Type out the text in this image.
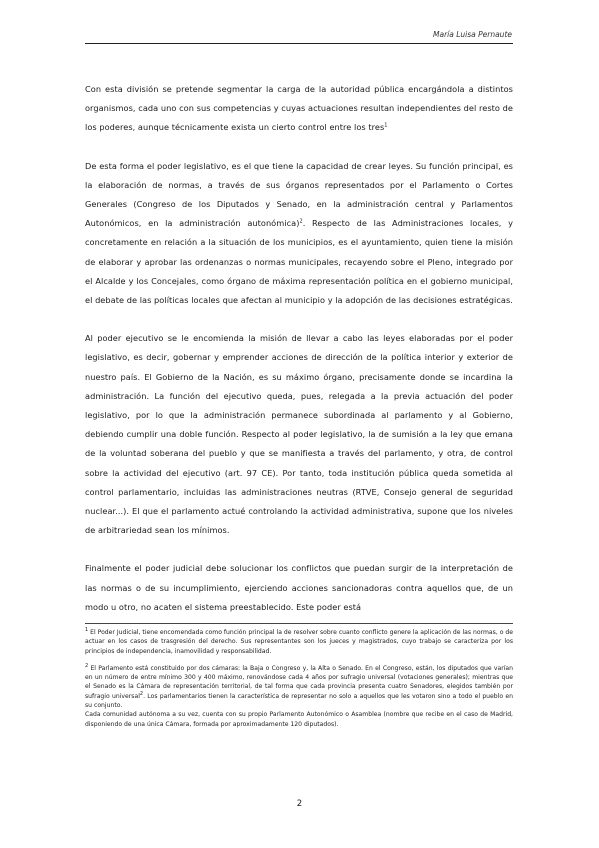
María Luisa Pernaute

Con esta división se pretende segmentar la carga de la autoridad pública encargándola a distintos organismos, cada uno con sus competencias y cuyas actuaciones resultan independientes del resto de los poderes, aunque técnicamente exista un cierto control entre los tres$^1$

De esta forma el poder legislativo, es el que tiene la capacidad de crear leyes. Su función principal, es la elaboración de normas, a través de sus órganos representados por el Parlamento o Cortes Generales (Congreso de los Diputados y Senado, en la administración central y Parlamentos Autonómicos, en la administración autonómica)$^2$. Respecto de las Administraciones locales, y concretamente en relación a la situación de los municipios, es el ayuntamiento, quien tiene la misión de elaborar y aprobar las ordenanzas o normas municipales, recayendo sobre el Pleno, integrado por el Alcalde y los Concejales, como órgano de máxima representación política en el gobierno municipal, el debate de las políticas locales que afectan al municipio y la adopción de las decisiones estratégicas.

Al poder ejecutivo se le encomienda la misión de llevar a cabo las leyes elaboradas por el poder legislativo, es decir, gobernar y emprender acciones de dirección de la política interior y exterior de nuestro país. El Gobierno de la Nación, es su máximo órgano, precisamente donde se incardina la administración. La función del ejecutivo queda, pues, relegada a la previa actuación del poder legislativo, por lo que la administración permanece subordinada al parlamento y al Gobierno, debiendo cumplir una doble función. Respecto al poder legislativo, la de sumisión a la ley que emana de la voluntad soberana del pueblo y que se manifiesta a través del parlamento, y otra, de control sobre la actividad del ejecutivo (art. 97 CE). Por tanto, toda institución pública queda sometida al control parlamentario, incluidas las administraciones neutras (RTVE, Consejo general de seguridad nuclear...). El que el parlamento actué controlando la actividad administrativa, supone que los niveles de arbitrariedad sean los mínimos.

Finalmente el poder judicial debe solucionar los conflictos que puedan surgir de la interpretación de las normas o de su incumplimiento, ejerciendo acciones sancionadoras contra aquellos que, de un modo u otro, no acaten el sistema preestablecido. Este poder está

$^1$ El Poder Judicial, tiene encomendada como función principal la de resolver sobre cuanto conflicto genere la aplicación de las normas, o de actuar en los casos de trasgresión del derecho. Sus representantes son los jueces y magistrados, cuyo trabajo se caracteriza por los principios de independencia, inamovilidad y responsabilidad.

$^2$ El Parlamento está constituido por dos cámaras: la Baja o Congreso y, la Alta o Senado. En el Congreso, están, los diputados que varían en un número de entre mínimo 300 y 400 máximo, renovándose cada 4 años por sufragio universal (votaciones generales); mientras que el Senado es la Cámara de representación territorial, de tal forma que cada provincia presenta cuatro Senadores, elegidos también por sufragio universal$^2$. Los parlamentarios tienen la característica de representar no solo a aquellos que les votaron sino a todo el pueblo en su conjunto.

Cada comunidad autónoma a su vez, cuenta con su propio Parlamento Autonómico o Asamblea (nombre que recibe en el caso de Madrid, disponiendo de una única Cámara, formada por aproximadamente 120 diputados).

2
